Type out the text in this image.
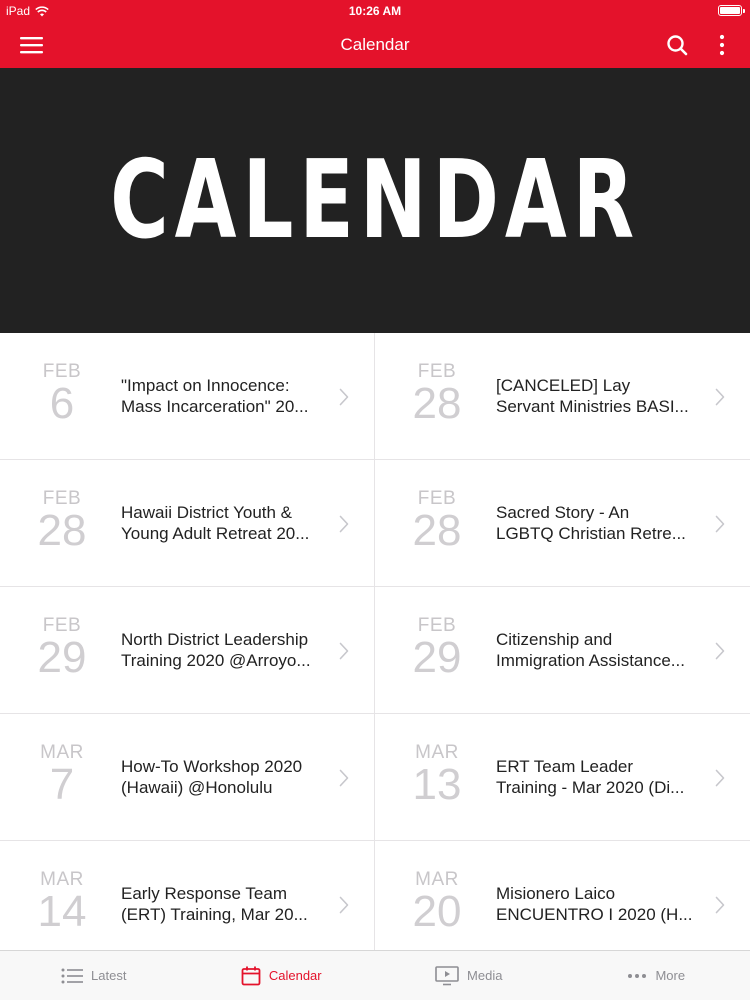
iPad	10:26 AM
Calendar
CALENDAR
FEB
6	"Impact on Innocence:
Mass Incarceration" 20...
FEB
28	[CANCELED] Lay
Servant Ministries BASI...
FEB
28	Hawaii District Youth &
Young Adult Retreat 20...
FEB
28	Sacred Story - An
LGBTQ Christian Retre...
FEB
29	North District Leadership
Training 2020 @Arroyo...
FEB
29	Citizenship and
Immigration Assistance...
MAR
7	How-To Workshop 2020
(Hawaii) @Honolulu
MAR
13	ERT Team Leader
Training - Mar 2020 (Di...
MAR
14	Early Response Team
(ERT) Training, Mar 20...
MAR
20	Misionero Laico
ENCUENTRO I 2020 (H...
Latest	Calendar	Media	More
